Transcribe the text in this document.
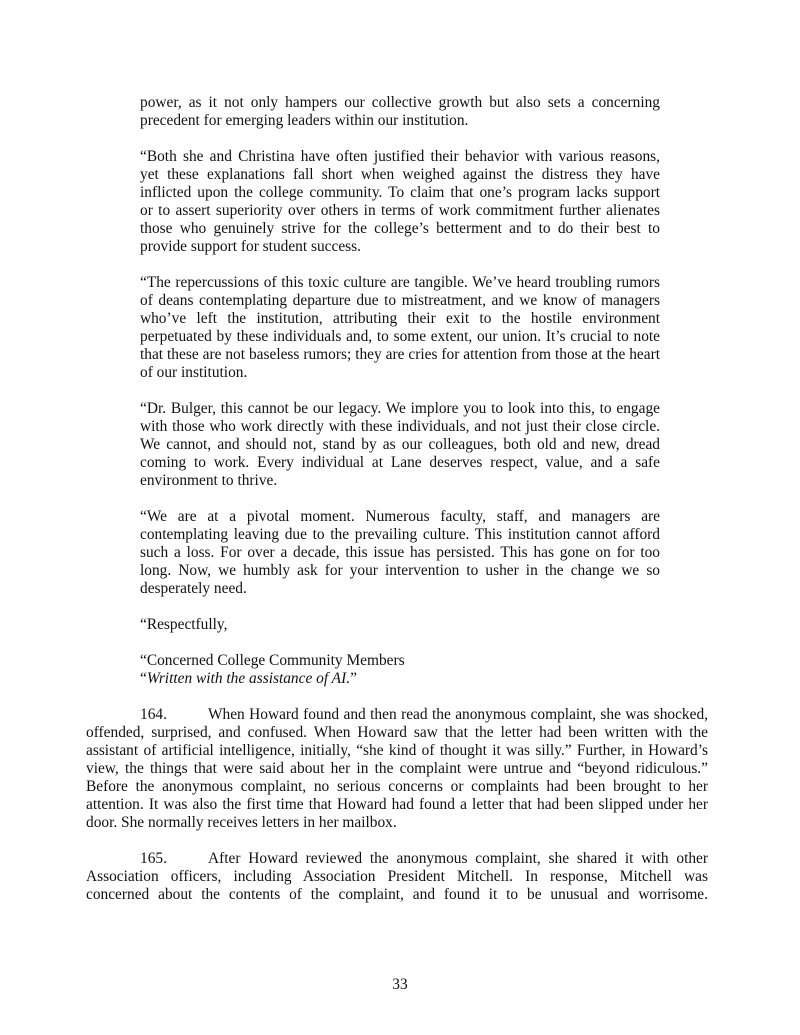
power, as it not only hampers our collective growth but also sets a concerning
precedent for emerging leaders within our institution.
“Both she and Christina have often justified their behavior with various reasons,
yet these explanations fall short when weighed against the distress they have
inflicted upon the college community. To claim that one’s program lacks support
or to assert superiority over others in terms of work commitment further alienates
those who genuinely strive for the college’s betterment and to do their best to
provide support for student success.
“The repercussions of this toxic culture are tangible. We’ve heard troubling rumors
of deans contemplating departure due to mistreatment, and we know of managers
who’ve left the institution, attributing their exit to the hostile environment
perpetuated by these individuals and, to some extent, our union. It’s crucial to note
that these are not baseless rumors; they are cries for attention from those at the heart
of our institution.
“Dr. Bulger, this cannot be our legacy. We implore you to look into this, to engage
with those who work directly with these individuals, and not just their close circle.
We cannot, and should not, stand by as our colleagues, both old and new, dread
coming to work. Every individual at Lane deserves respect, value, and a safe
environment to thrive.
“We are at a pivotal moment. Numerous faculty, staff, and managers are
contemplating leaving due to the prevailing culture. This institution cannot afford
such a loss. For over a decade, this issue has persisted. This has gone on for too
long. Now, we humbly ask for your intervention to usher in the change we so
desperately need.
“Respectfully,
“Concerned College Community Members
“Written with the assistance of AI.”
164.	When Howard found and then read the anonymous complaint, she was shocked,
offended, surprised, and confused. When Howard saw that the letter had been written with the
assistant of artificial intelligence, initially, “she kind of thought it was silly.” Further, in Howard’s
view, the things that were said about her in the complaint were untrue and “beyond ridiculous.”
Before the anonymous complaint, no serious concerns or complaints had been brought to her
attention. It was also the first time that Howard had found a letter that had been slipped under her
door. She normally receives letters in her mailbox.
165.	After Howard reviewed the anonymous complaint, she shared it with other
Association officers, including Association President Mitchell. In response, Mitchell was
concerned about the contents of the complaint, and found it to be unusual and worrisome.
33
